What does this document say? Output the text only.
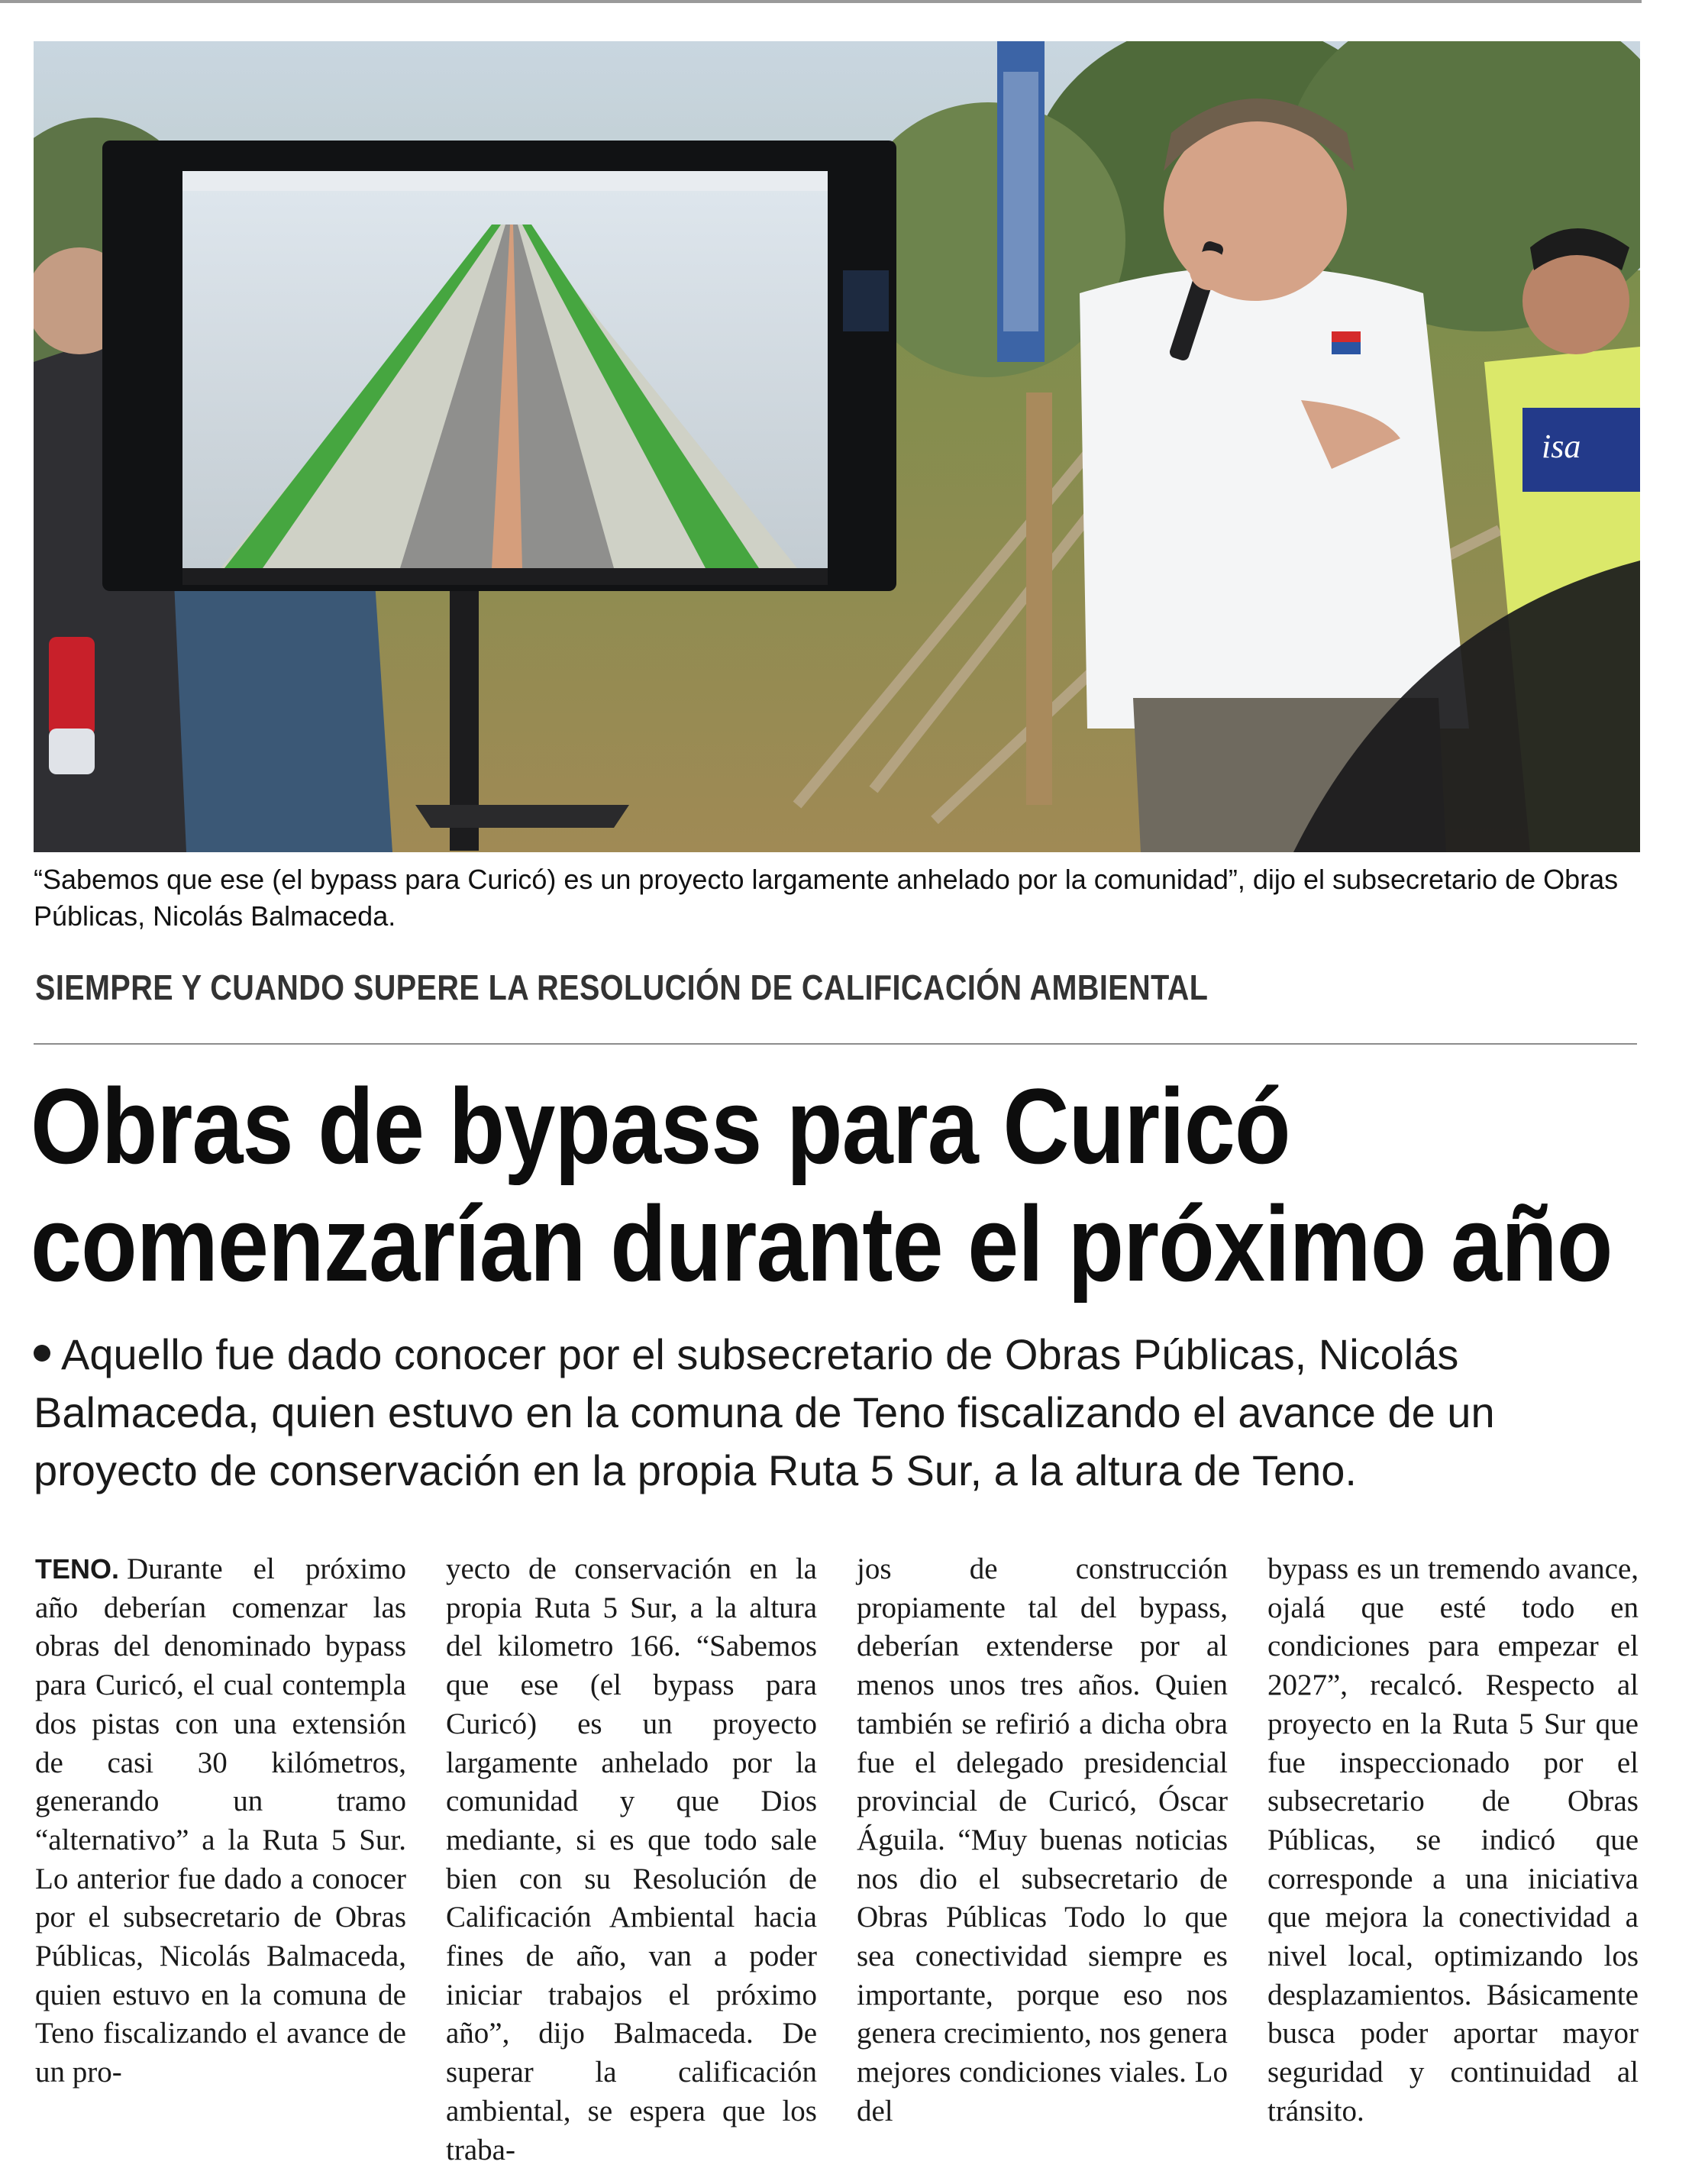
isa
“Sabemos que ese (el bypass para Curicó) es un proyecto largamente anhelado por la comunidad”, dijo el subsecretario de Obras Públicas, Nicolás Balmaceda.
SIEMPRE Y CUANDO SUPERE LA RESOLUCIÓN DE CALIFICACIÓN AMBIENTAL
Obras de bypass para Curicó
comenzarían durante el próximo año
Aquello fue dado conocer por el subsecretario de Obras Públicas, Nicolás Balmaceda, quien estuvo en la comuna de Teno fiscalizando el avance de un proyecto de conservación en la propia Ruta 5 Sur, a la altura de Teno.

TENO. Durante el próximo año deberían comenzar las obras del denominado bypass para Curicó, el cual contempla dos pistas con una extensión de casi 30 kilómetros, generando un tramo “alternativo” a la Ruta 5 Sur. Lo anterior fue dado a conocer por el subsecretario de Obras Públicas, Nicolás Balmaceda, quien estuvo en la comuna de Teno fiscalizando el avance de un pro-

yecto de conservación en la propia Ruta 5 Sur, a la altura del kilometro 166. “Sabemos que ese (el bypass para Curicó) es un proyecto largamente anhelado por la comunidad y que Dios mediante, si es que todo sale bien con su Resolución de Calificación Ambiental hacia fines de año, van a poder iniciar trabajos el próximo año”, dijo Balmaceda. De superar la calificación ambiental, se espera que los traba-

jos de construcción propiamente tal del bypass, deberían extenderse por al menos unos tres años. Quien también se refirió a dicha obra fue el delegado presidencial provincial de Curicó, Óscar Águila. “Muy buenas noticias nos dio el subsecretario de Obras Públicas Todo lo que sea conectividad siempre es importante, porque eso nos genera crecimiento, nos genera mejores condiciones viales. Lo del

bypass es un tremendo avance, ojalá que esté todo en condiciones para empezar el 2027”, recalcó. Respecto al proyecto en la Ruta 5 Sur que fue inspeccionado por el subsecretario de Obras Públicas, se indicó que corresponde a una iniciativa que mejora la conectividad a nivel local, optimizando los desplazamientos. Básicamente busca poder aportar mayor seguridad y continuidad al tránsito.
